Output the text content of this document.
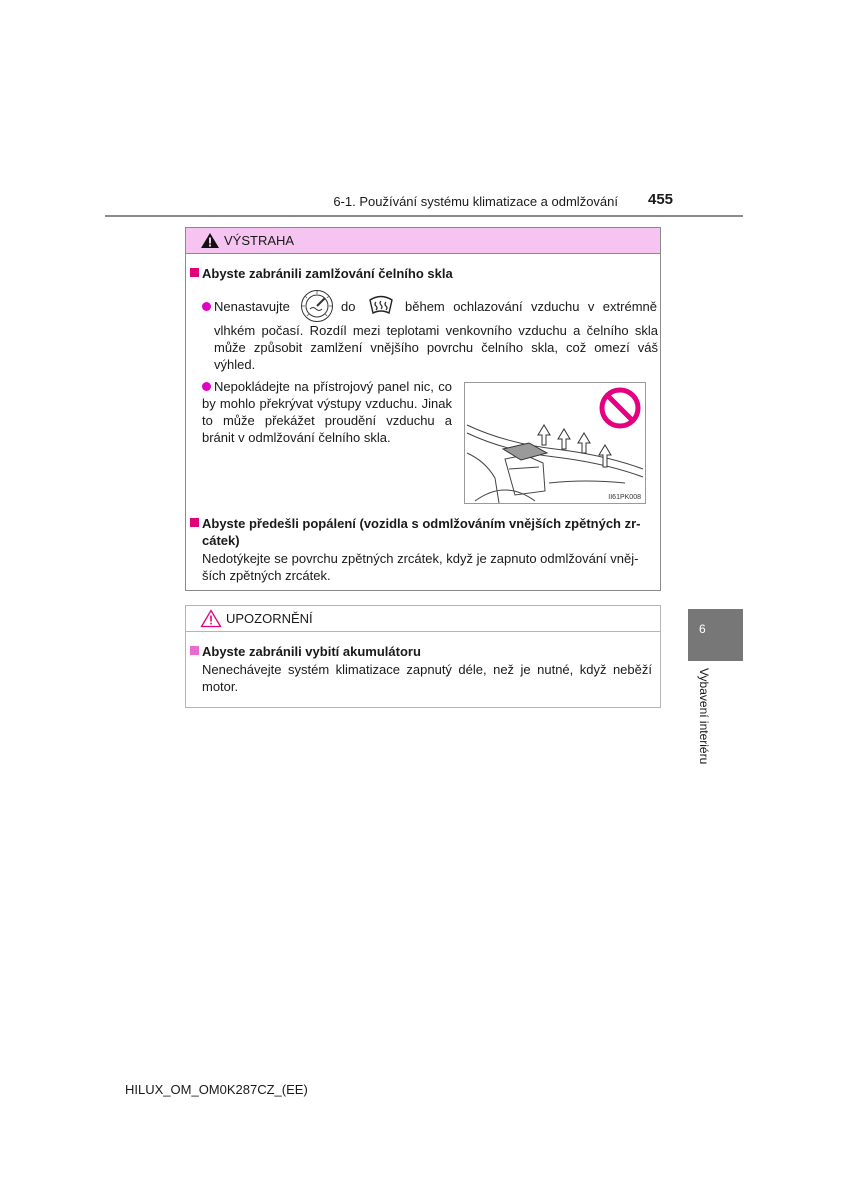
6-1. Používání systému klimatizace a odmlžování 455
VÝSTRAHA
Abyste zabránili zamlžování čelního skla
Nenastavujte	do	během ochlazování vzduchu v extrémně
vlhkém počasí. Rozdíl mezi teplotami venkovního vzduchu a čelního skla může způsobit zamlžení vnějšího povrchu čelního skla, což omezí váš výhled.
Nepokládejte na přístrojový panel nic, co by mohlo překrývat výstupy vzduchu. Jinak to může překážet proudění vzduchu a bránit v odmlžování čelního skla.
II61PK008
Abyste předešli popálení (vozidla s odmlžováním vnějších zpětných zr-
cátek)
Nedotýkejte se povrchu zpětných zrcátek, když je zapnuto odmlžování vněj-
ších zpětných zrcátek.
UPOZORNĚNÍ
Abyste zabránili vybití akumulátoru
Nenechávejte systém klimatizace zapnutý déle, než je nutné, když neběží motor.
6
Vybavení interiéru
HILUX_OM_OM0K287CZ_(EE)
